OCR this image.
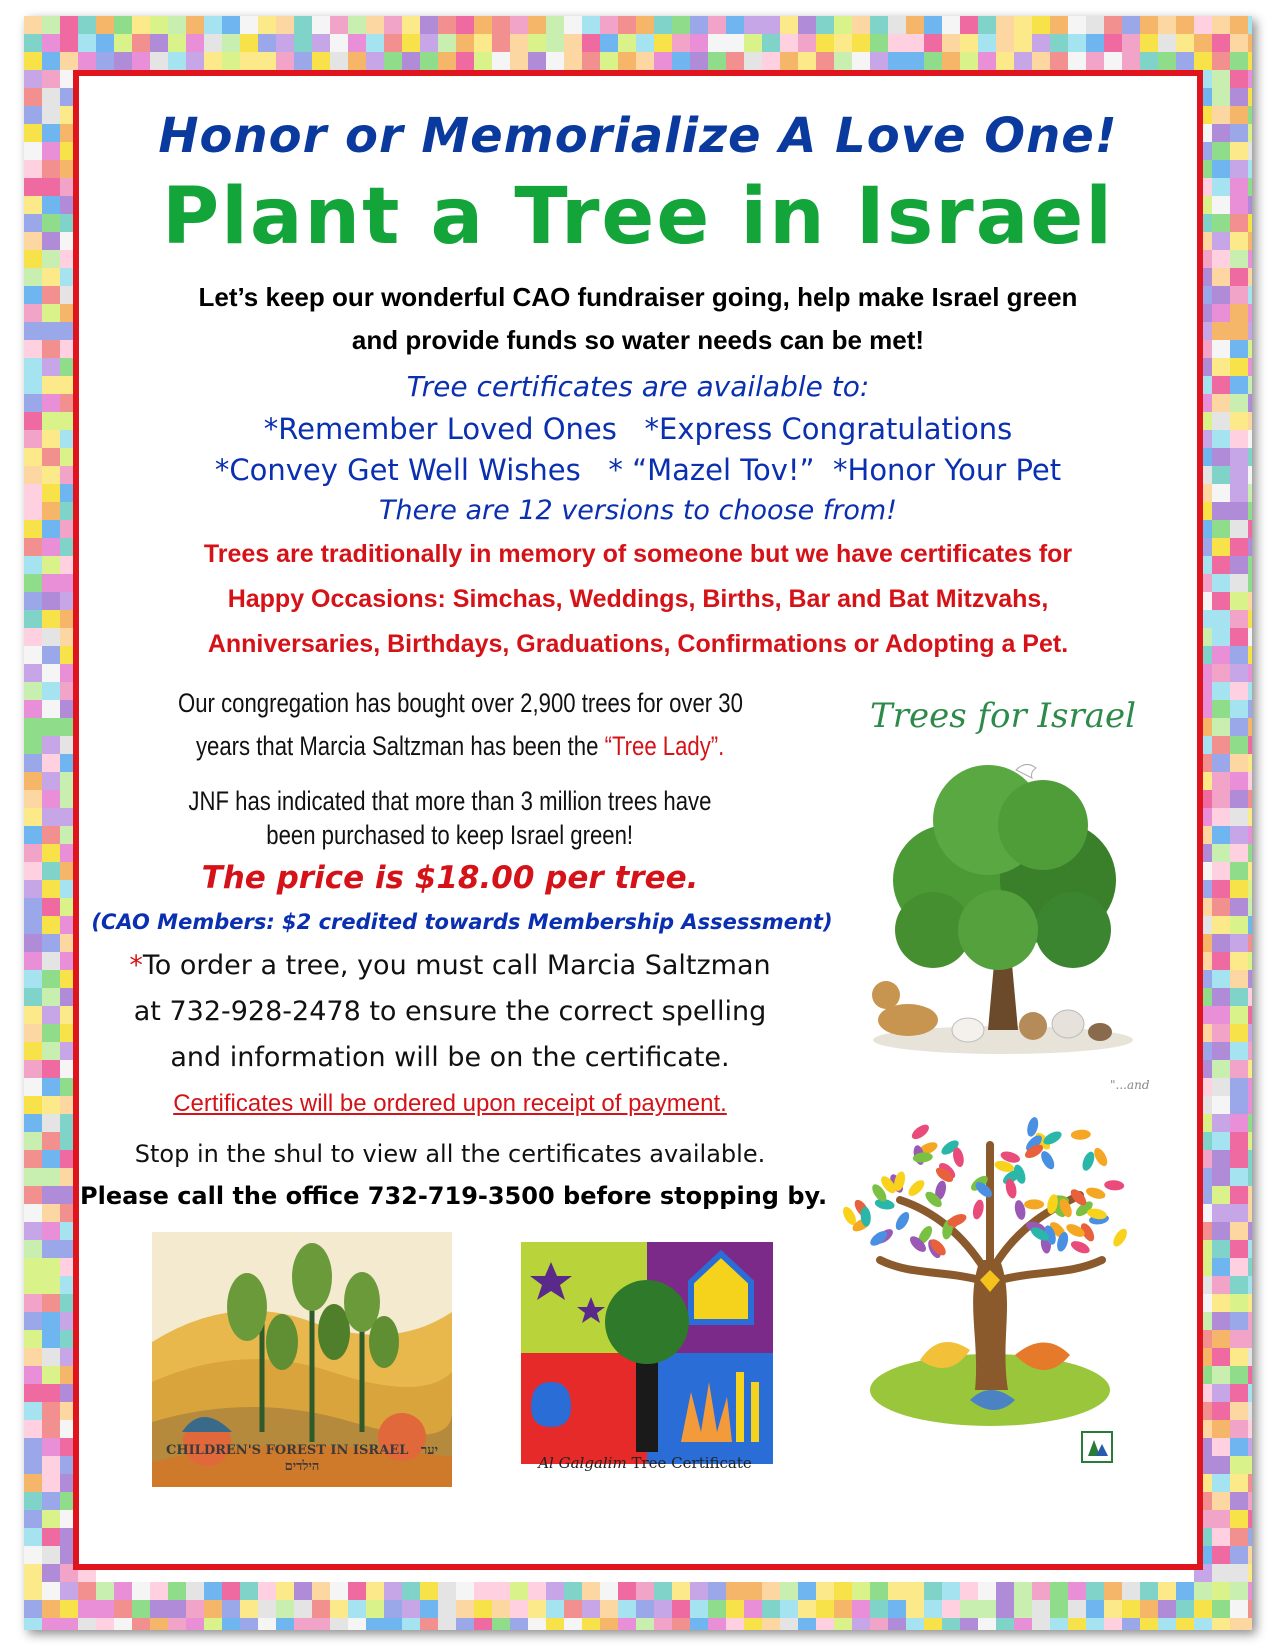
Honor or Memorialize A Love One!
Plant a Tree in Israel
Let’s keep our wonderful CAO fundraiser going, help make Israel green
and provide funds so water needs can be met!
Tree certificates are available to:
*Remember Loved Ones   *Express Congratulations
*Convey Get Well Wishes   * “Mazel Tov!”  *Honor Your Pet
There are 12 versions to choose from!
Trees are traditionally in memory of someone but we have certificates for
Happy Occasions: Simchas, Weddings, Births, Bar and Bat Mitzvahs,
Anniversaries, Birthdays, Graduations, Confirmations or Adopting a Pet.
Our congregation has bought over 2,900 trees for over 30
years that Marcia Saltzman has been the “Tree Lady”.
JNF has indicated that more than 3 million trees have
been purchased to keep Israel green!
The price is $18.00 per tree.
(CAO Members: $2 credited towards Membership Assessment)
*To order a tree, you must call Marcia Saltzman
at 732-928-2478 to ensure the correct spelling
and information will be on the certificate.
Certificates will be ordered upon receipt of payment.
Stop in the shul to view all the certificates available.
Please call the office 732-719-3500 before stopping by.
Trees for Israel
"...and
CHILDREN'S FOREST IN ISRAEL יער הילדים	Al Galgalim Tree Certificate
